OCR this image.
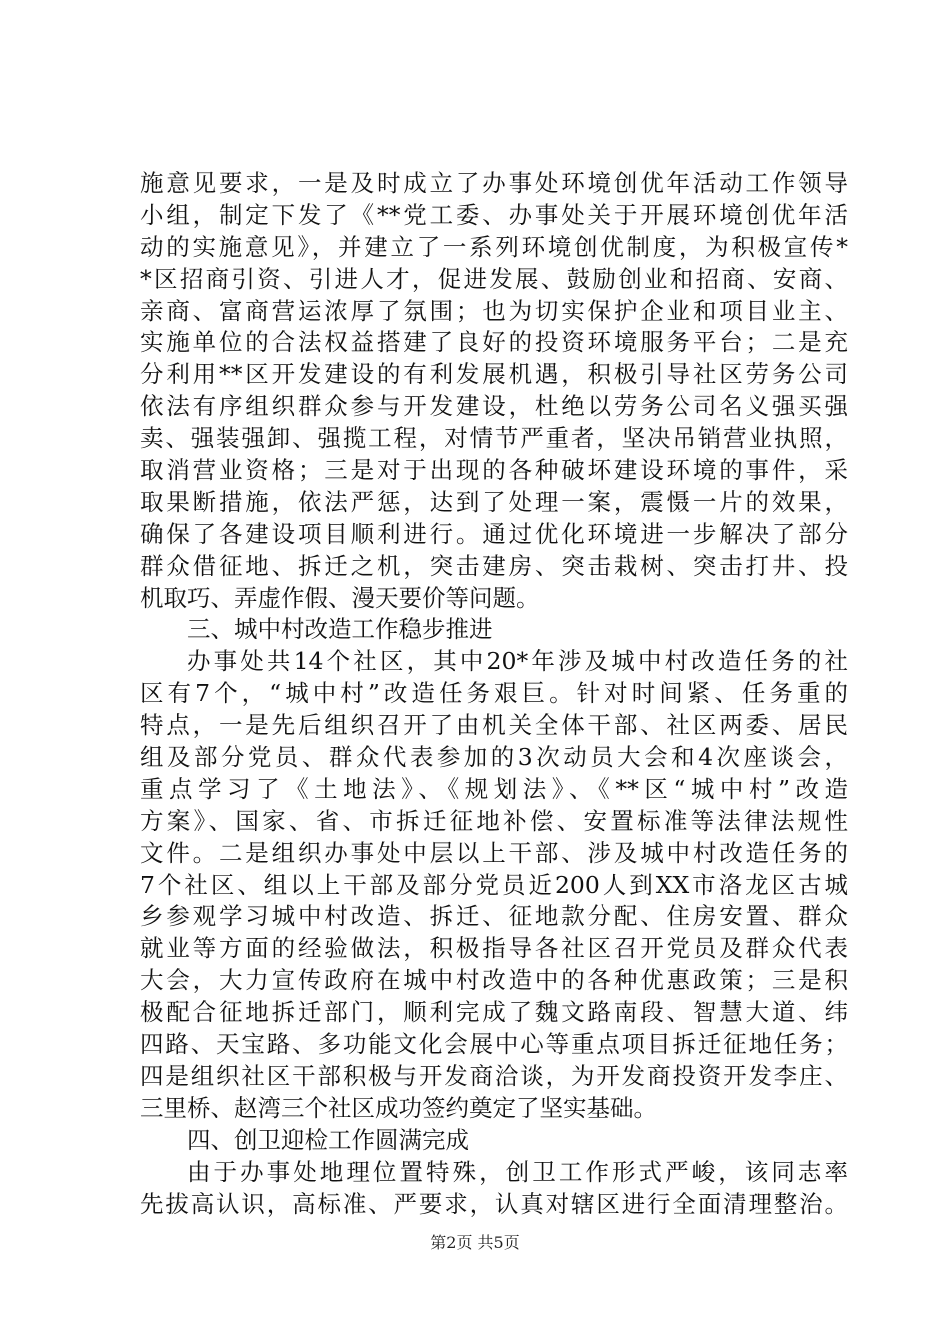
施意见要求，一是及时成立了办事处环境创优年活动工作领导
小组，制定下发了《**党工委、办事处关于开展环境创优年活
动的实施意见》，并建立了一系列环境创优制度，为积极宣传*
*区招商引资、引进人才，促进发展、鼓励创业和招商、安商、
亲商、富商营运浓厚了氛围；也为切实保护企业和项目业主、
实施单位的合法权益搭建了良好的投资环境服务平台；二是充
分利用**区开发建设的有利发展机遇，积极引导社区劳务公司
依法有序组织群众参与开发建设，杜绝以劳务公司名义强买强
卖、强装强卸、强揽工程，对情节严重者，坚决吊销营业执照，
取消营业资格；三是对于出现的各种破坏建设环境的事件，采
取果断措施，依法严惩，达到了处理一案，震慑一片的效果，
确保了各建设项目顺利进行。通过优化环境进一步解决了部分
群众借征地、拆迁之机，突击建房、突击栽树、突击打井、投
机取巧、弄虚作假、漫天要价等问题。
三、城中村改造工作稳步推进
办事处共14个社区，其中20*年涉及城中村改造任务的社
区有7个，“城中村”改造任务艰巨。针对时间紧、任务重的
特点，一是先后组织召开了由机关全体干部、社区两委、居民
组及部分党员、群众代表参加的3次动员大会和4次座谈会，
重点学习了《土地法》、《规划法》、《**区“城中村”改造
方案》、国家、省、市拆迁征地补偿、安置标准等法律法规性
文件。二是组织办事处中层以上干部、涉及城中村改造任务的
7个社区、组以上干部及部分党员近200人到XX市洛龙区古城
乡参观学习城中村改造、拆迁、征地款分配、住房安置、群众
就业等方面的经验做法，积极指导各社区召开党员及群众代表
大会，大力宣传政府在城中村改造中的各种优惠政策；三是积
极配合征地拆迁部门，顺利完成了魏文路南段、智慧大道、纬
四路、天宝路、多功能文化会展中心等重点项目拆迁征地任务；
四是组织社区干部积极与开发商洽谈，为开发商投资开发李庄、
三里桥、赵湾三个社区成功签约奠定了坚实基础。
四、创卫迎检工作圆满完成
由于办事处地理位置特殊，创卫工作形式严峻，该同志率
先拔高认识，高标准、严要求，认真对辖区进行全面清理整治。
第2页 共5页
